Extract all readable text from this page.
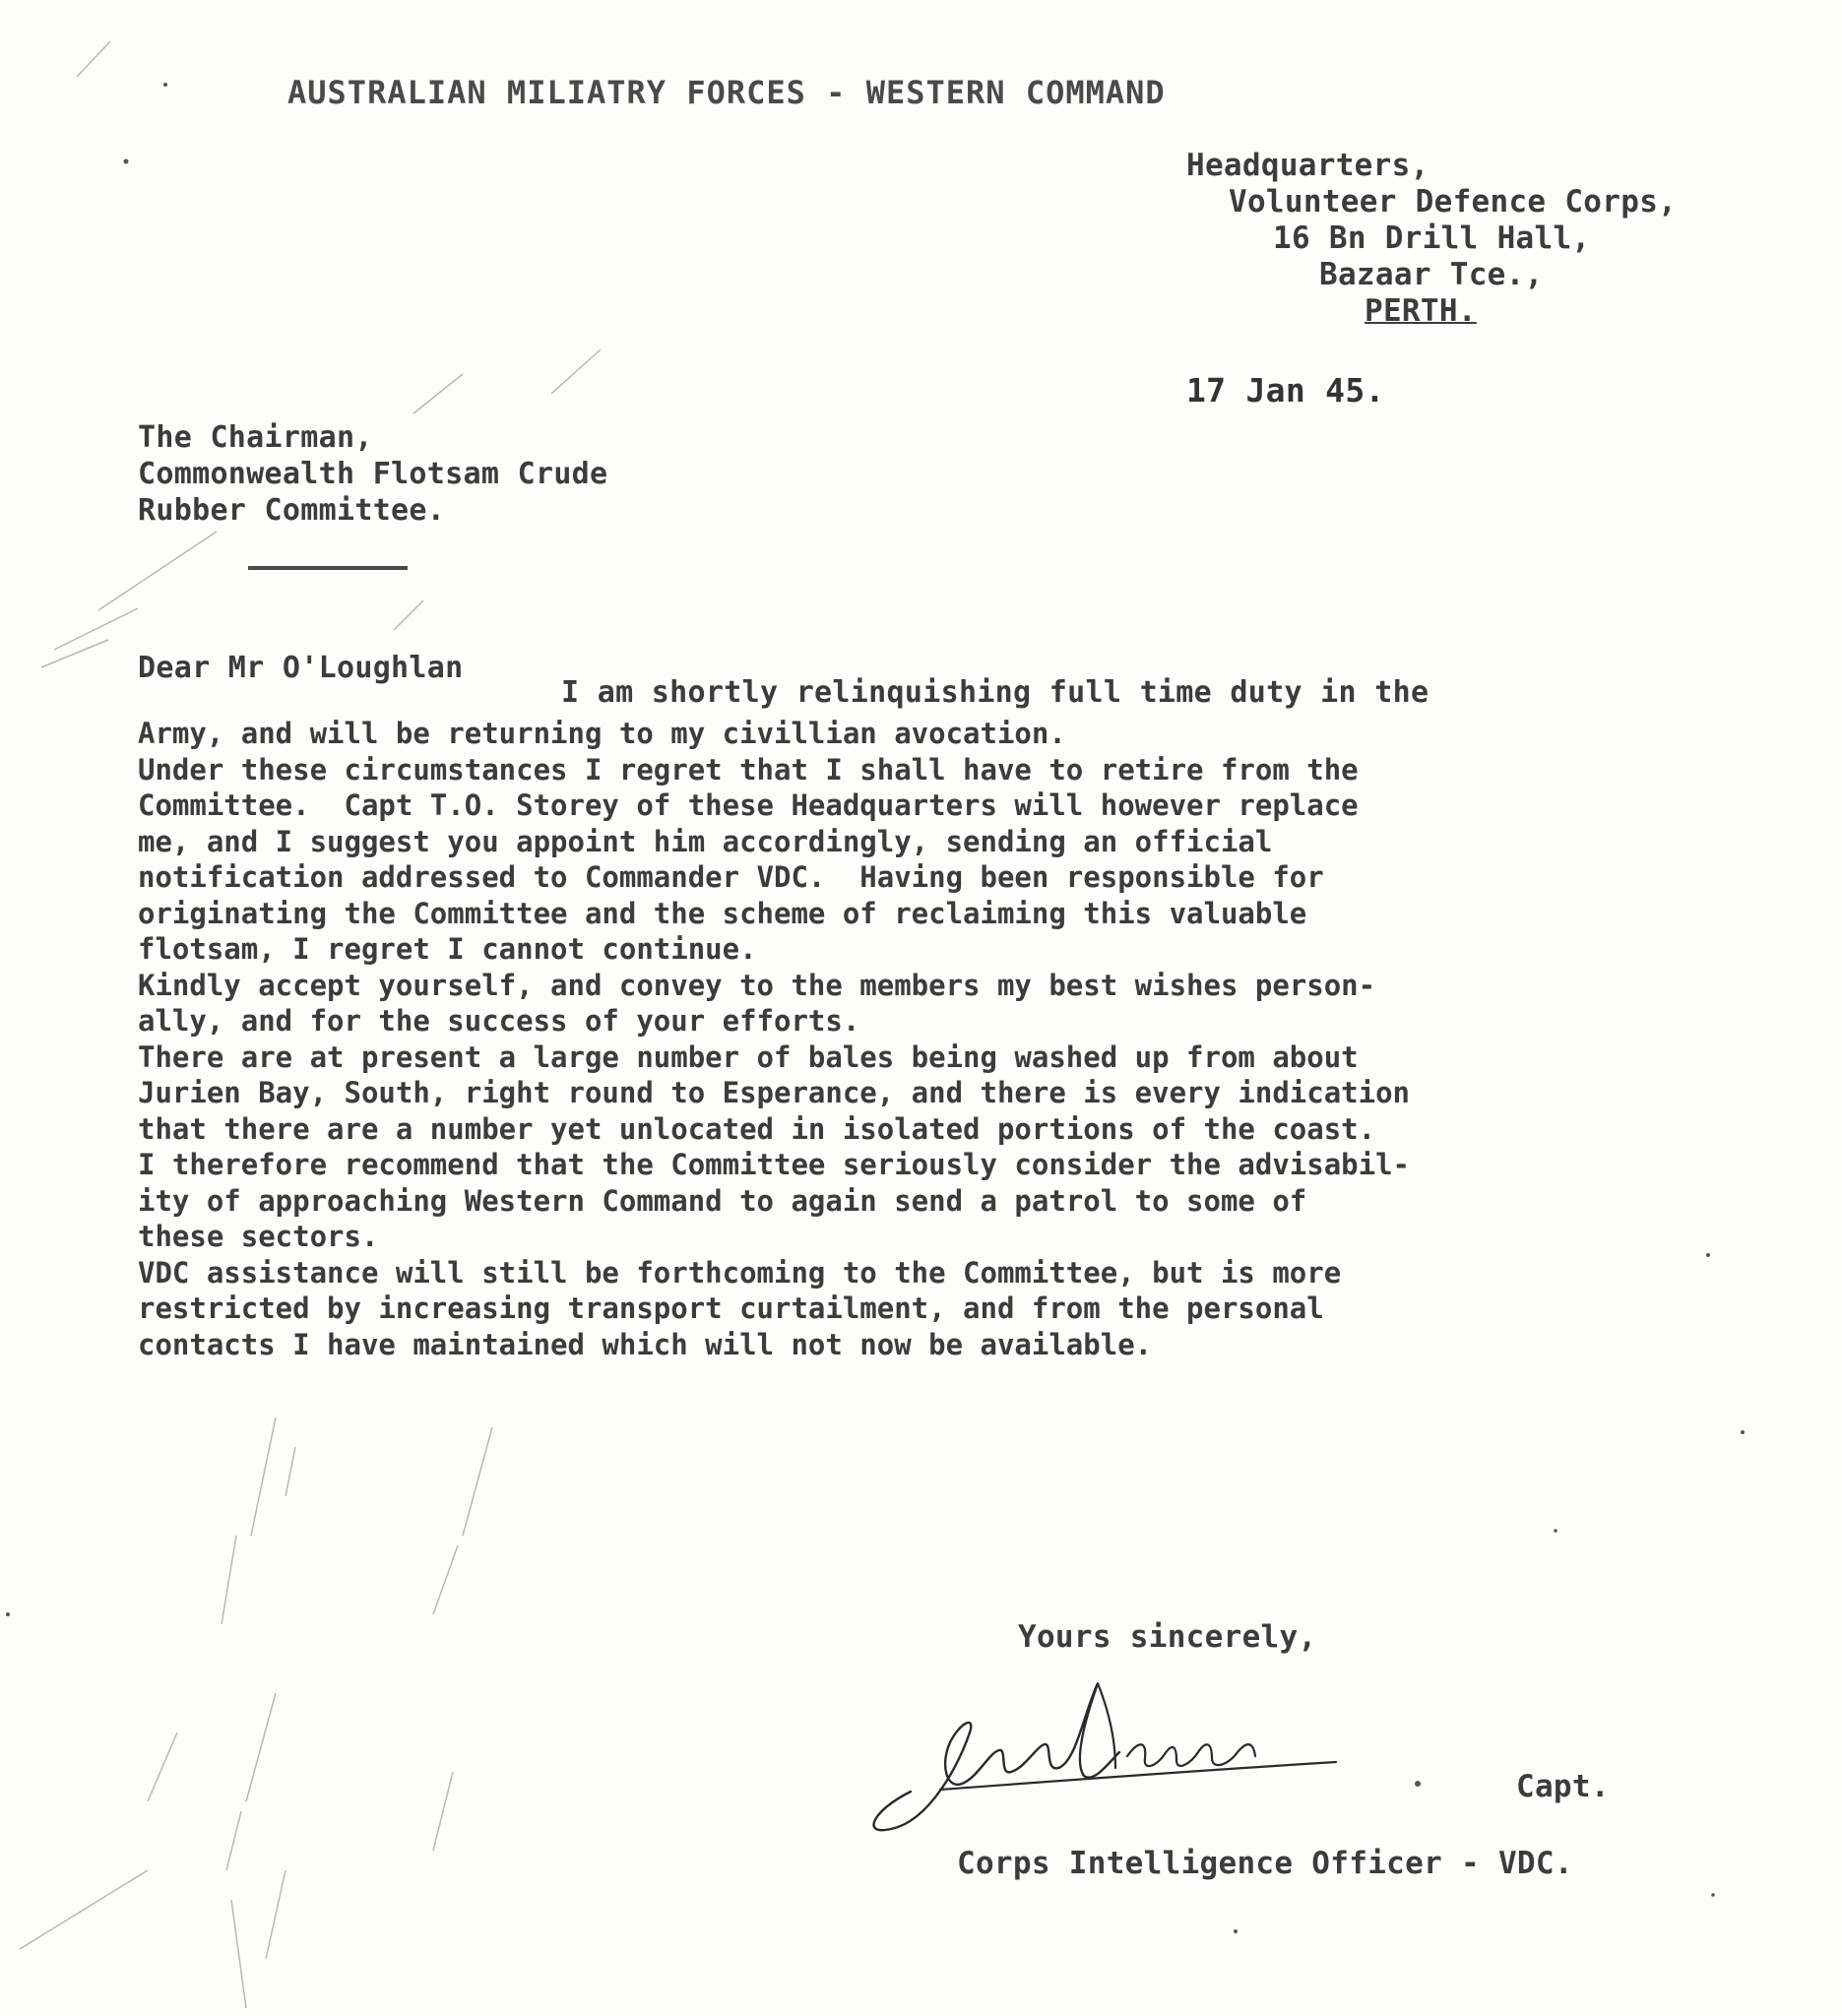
AUSTRALIAN MILIATRY FORCES - WESTERN COMMAND
Headquarters,
Volunteer Defence Corps,
16 Bn Drill Hall,
Bazaar Tce.,
PERTH.
17 Jan 45.
The Chairman,
Commonwealth Flotsam Crude
Rubber Committee.
Dear Mr O'Loughlan
I am shortly relinquishing full time duty in the
Army, and will be returning to my civillian avocation.
Under these circumstances I regret that I shall have to retire from the
Committee.  Capt T.O. Storey of these Headquarters will however replace
me, and I suggest you appoint him accordingly, sending an official
notification addressed to Commander VDC.  Having been responsible for
originating the Committee and the scheme of reclaiming this valuable
flotsam, I regret I cannot continue.
Kindly accept yourself, and convey to the members my best wishes person-
ally, and for the success of your efforts.
There are at present a large number of bales being washed up from about
Jurien Bay, South, right round to Esperance, and there is every indication
that there are a number yet unlocated in isolated portions of the coast.
I therefore recommend that the Committee seriously consider the advisabil-
ity of approaching Western Command to again send a patrol to some of
these sectors.
VDC assistance will still be forthcoming to the Committee, but is more
restricted by increasing transport curtailment, and from the personal
contacts I have maintained which will not now be available.
Yours sincerely,
Capt.
Corps Intelligence Officer - VDC.
